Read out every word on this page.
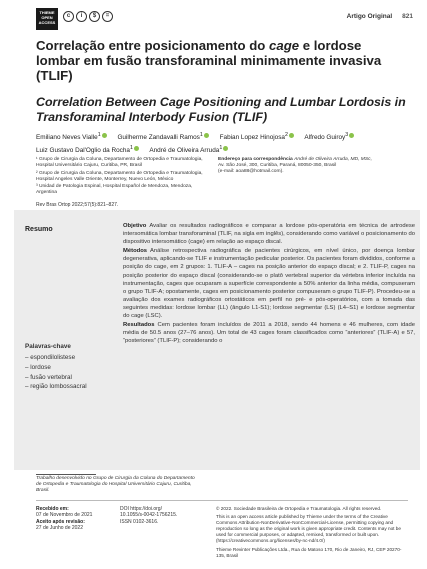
THIEME
OPEN
ACCESS
c	i	$	=	Artigo Original 821
Correlação entre posicionamento do cage e lordose lombar em fusão transforaminal minimamente invasiva (TLIF)
Correlation Between Cage Positioning and Lumbar Lordosis in Transforaminal Interbody Fusion (TLIF)
Emiliano Neves Vialle$^1$	Guilherme Zandavalli Ramos$^1$	Fabian Lopez Hinojosa$^2$	Alfredo Guiroy$^3$
Luiz Gustavo Dal'Oglio da Rocha$^1$	André de Oliveira Arruda$^1$

¹ Grupo de Cirurgia da Coluna, Departamento de Ortopedia e Traumatologia, Hospital Universitário Cajuru, Curitiba, PR, Brasil

² Grupo de Cirurgia da Coluna, Departamento de Ortopedia e Traumatologia, Hospital Angeles Valle Oriente, Monterrey, Nuevo León, México

³ Unidad de Patologia Espinal, Hospital Español de Mendoza, Mendoza, Argentina

Endereço para correspondência André de Oliveira Arruda, MD, MSc,

Av. São José, 300, Curitiba, Paraná, 80050-350, Brasil

(e-mail: aoa88@hotmail.com).

Rev Bras Ortop 2022;57(5):821–827.
Resumo
Palavras-chave
– espondilolistese
– lordose
– fusão vertebral
– região lombossacral

Objetivo Avaliar os resultados radiográficos e comparar a lordose pós-operatória em técnica de artrodese intersomática lombar transforaminal (TLIF, na sigla em inglês), considerando como variável o posicionamento do dispositivo intersomático (cage) em relação ao espaço discal.

Métodos Análise retrospectiva radiográfica de pacientes cirúrgicos, em nível único, por doença lombar degenerativa, aplicando-se TLIF e instrumentação pedicular posterior. Os pacientes foram divididos, conforme a posição do cage, em 2 grupos: 1. TLIF-A – cages na posição anterior do espaço discal; e 2. TLIF-P, cages na posição posterior do espaço discal (considerando-se o platô vertebral superior da vértebra inferior incluída na instrumentação, cages que ocuparam a superfície correspondente a 50% anterior da linha média, compuseram o grupo TLIF-A; opostamente, cages em posicionamento posterior compuseram o grupo TLIF-P). Procedeu-se a avaliação dos exames radiográficos ortostáticos em perfil no pré- e pós-operatórios, com a tomada das seguintes medidas: lordose lombar (LL) (ângulo L1-S1); lordose segmentar (LS) (L4–S1) e lordose segmentar do cage (LSC).

Resultados Cem pacientes foram incluídos de 2011 a 2018, sendo 44 homens e 46 mulheres, com idade média de 50.5 anos (27–76 anos). Um total de 43 cages foram classificados como “anteriores” (TLIF-A) e 57, “posteriores” (TLIF-P); considerando o

Trabalho desenvolvido no Grupo de Cirurgia da Coluna do Departamento de Ortopedia e Traumatologia do Hospital Universitário Cajuru, Curitiba, Brasil.

Recebido em:

07 de Novembro de 2021

Aceito após revisão:

27 de Junho de 2022

DOI https://doi.org/

10.1055/s-0042-1756215.

ISSN 0102-3616.

© 2022. Sociedade Brasileira de Ortopedia e Traumatologia. All rights reserved.

This is an open access article published by Thieme under the terms of the Creative Commons Attribution-NonDerivative-NonCommercial-License, permitting copying and reproduction so long as the original work is given appropriate credit. Contents may not be used for commercial purposes, or adapted, remixed, transformed or built upon. (https://creativecommons.org/licenses/by-nc-nd/4.0/)

Thieme Revinter Publicações Ltda., Rua do Matoso 170, Rio de Janeiro, RJ, CEP 20270-135, Brasil
